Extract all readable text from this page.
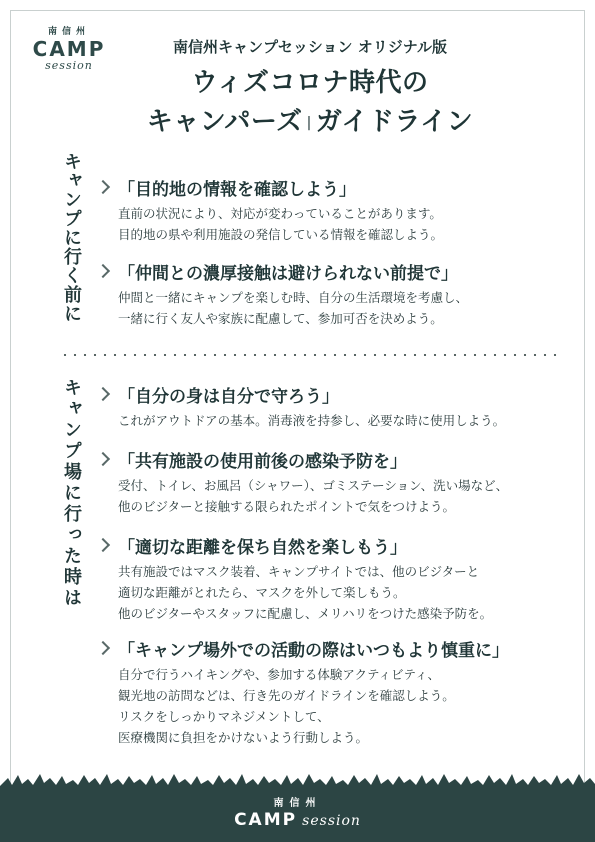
南信州
CAMP
session
南信州キャンプセッション オリジナル版
ウィズコロナ時代の
キャンパーズ | ガイドライン
キャンプに行く前に 「目的地の情報を確認しよう」
直前の状況により、対応が変わっていることがあります。
目的地の県や利用施設の発信している情報を確認しよう。
「仲間との濃厚接触は避けられない前提で」
仲間と一緒にキャンプを楽しむ時、自分の生活環境を考慮し、
一緒に行く友人や家族に配慮して、参加可否を決めよう。
キャンプ場に行った時は 「自分の身は自分で守ろう」
これがアウトドアの基本。消毒液を持参し、必要な時に使用しよう。
「共有施設の使用前後の感染予防を」
受付、トイレ、お風呂（シャワー）、ゴミステーション、洗い場など、
他のビジターと接触する限られたポイントで気をつけよう。
「適切な距離を保ち自然を楽しもう」
共有施設ではマスク装着、キャンプサイトでは、他のビジターと
適切な距離がとれたら、マスクを外して楽しもう。
他のビジターやスタッフに配慮し、メリハリをつけた感染予防を。
「キャンプ場外での活動の際はいつもより慎重に」
自分で行うハイキングや、参加する体験アクティビティ、
観光地の訪問などは、行き先のガイドラインを確認しよう。
リスクをしっかりマネジメントして、
医療機関に負担をかけないよう行動しよう。
南信州
CAMP session
